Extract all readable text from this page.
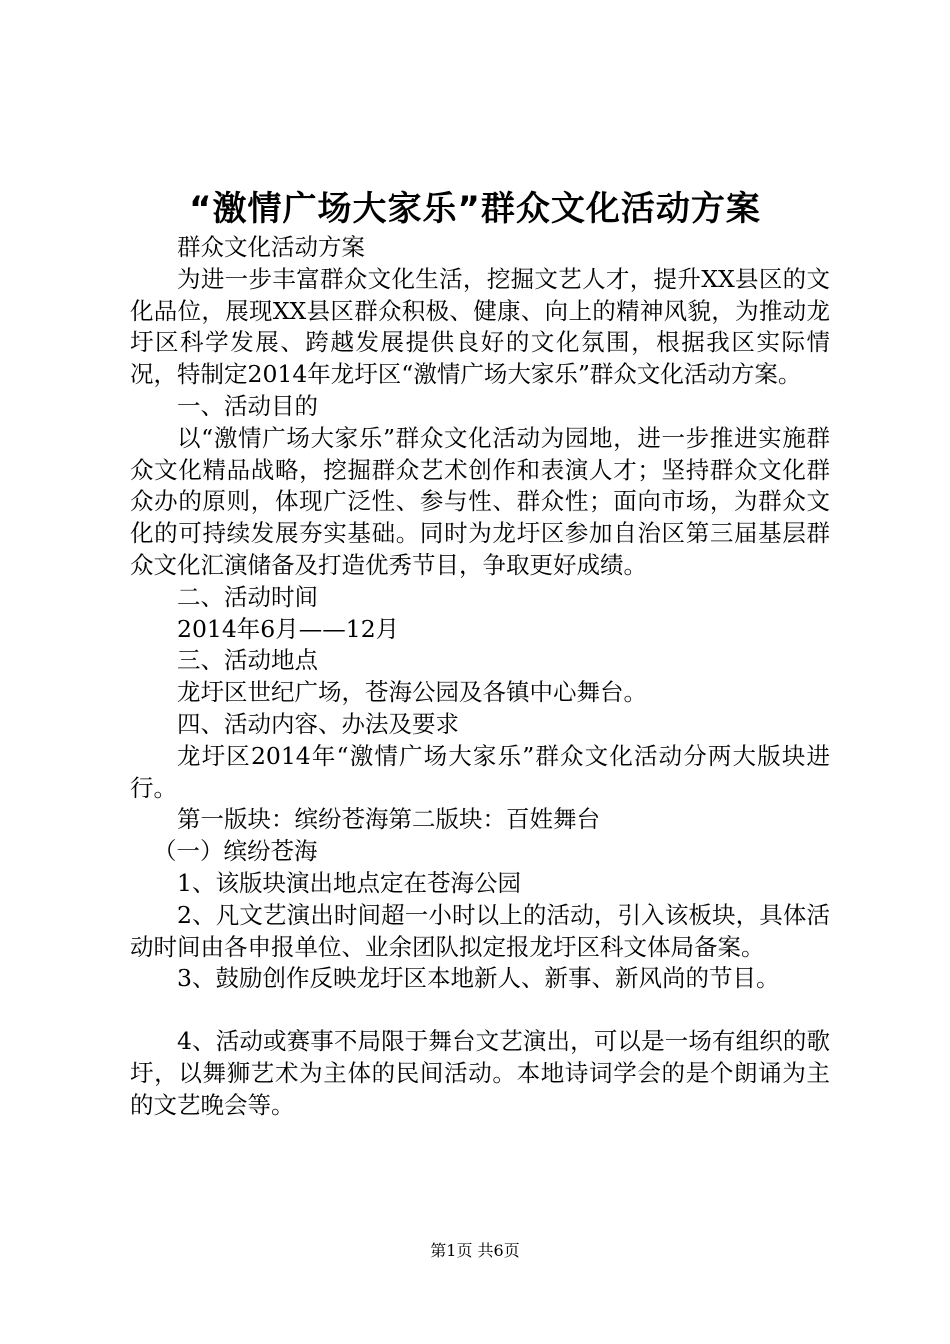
“激情广场大家乐”群众文化活动方案

群众文化活动方案

为进一步丰富群众文化生活，挖掘文艺人才，提升XX县区的文化品位，展现XX县区群众积极、健康、向上的精神风貌，为推动龙圩区科学发展、跨越发展提供良好的文化氛围，根据我区实际情况，特制定2014年龙圩区“激情广场大家乐”群众文化活动方案。

一、活动目的

以“激情广场大家乐”群众文化活动为园地，进一步推进实施群众文化精品战略，挖掘群众艺术创作和表演人才；坚持群众文化群众办的原则，体现广泛性、参与性、群众性；面向市场，为群众文化的可持续发展夯实基础。同时为龙圩区参加自治区第三届基层群众文化汇演储备及打造优秀节目，争取更好成绩。

二、活动时间

2014年6月——12月

三、活动地点

龙圩区世纪广场，苍海公园及各镇中心舞台。

四、活动内容、办法及要求

龙圩区2014年“激情广场大家乐”群众文化活动分两大版块进行。

第一版块：缤纷苍海第二版块：百姓舞台

（一）缤纷苍海

1、该版块演出地点定在苍海公园

2、凡文艺演出时间超一小时以上的活动，引入该板块，具体活动时间由各申报单位、业余团队拟定报龙圩区科文体局备案。

3、鼓励创作反映龙圩区本地新人、新事、新风尚的节目。

4、活动或赛事不局限于舞台文艺演出，可以是一场有组织的歌圩，以舞狮艺术为主体的民间活动。本地诗词学会的是个朗诵为主的文艺晚会等。

第1页 共6页
